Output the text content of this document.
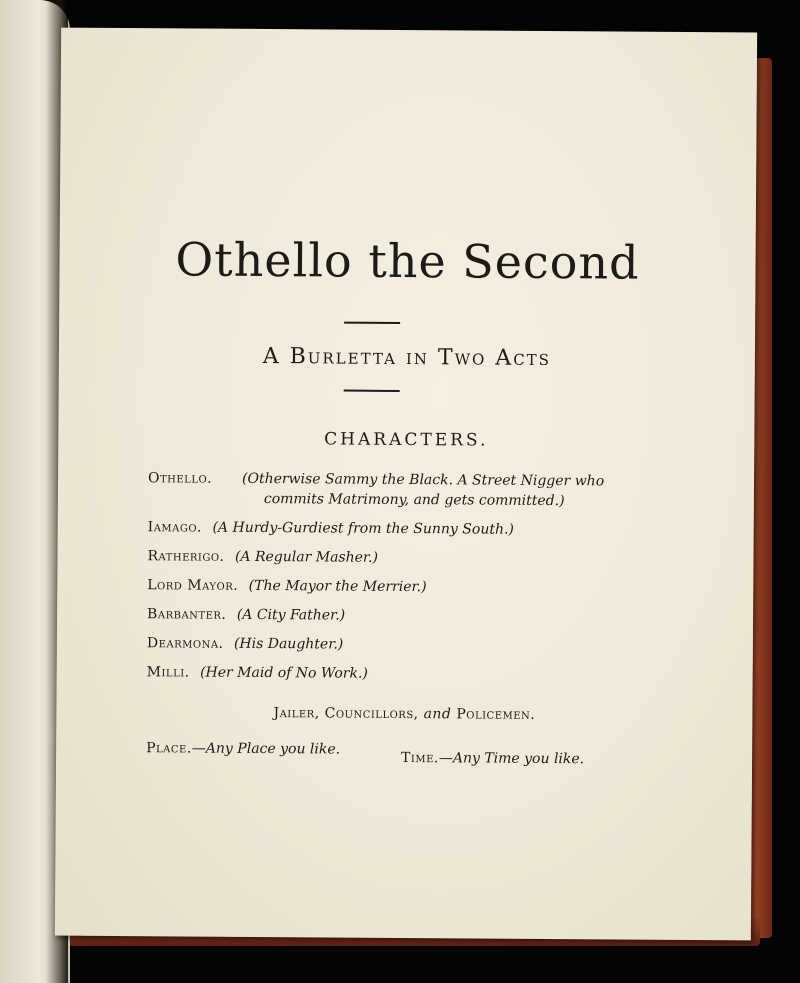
Othello the Second
A Burletta in Two Acts
CHARACTERS.
Othello. (Otherwise Sammy the Black. A Street Nigger who
commits Matrimony, and gets committed.)
Iamago. (A Hurdy-Gurdiest from the Sunny South.)
Ratherigo. (A Regular Masher.)
Lord Mayor. (The Mayor the Merrier.)
Barbanter. (A City Father.)
Dearmona. (His Daughter.)
Milli. (Her Maid of No Work.)
Jailer, Councillors, and Policemen.
Place.—Any Place you like.
Time.—Any Time you like.
